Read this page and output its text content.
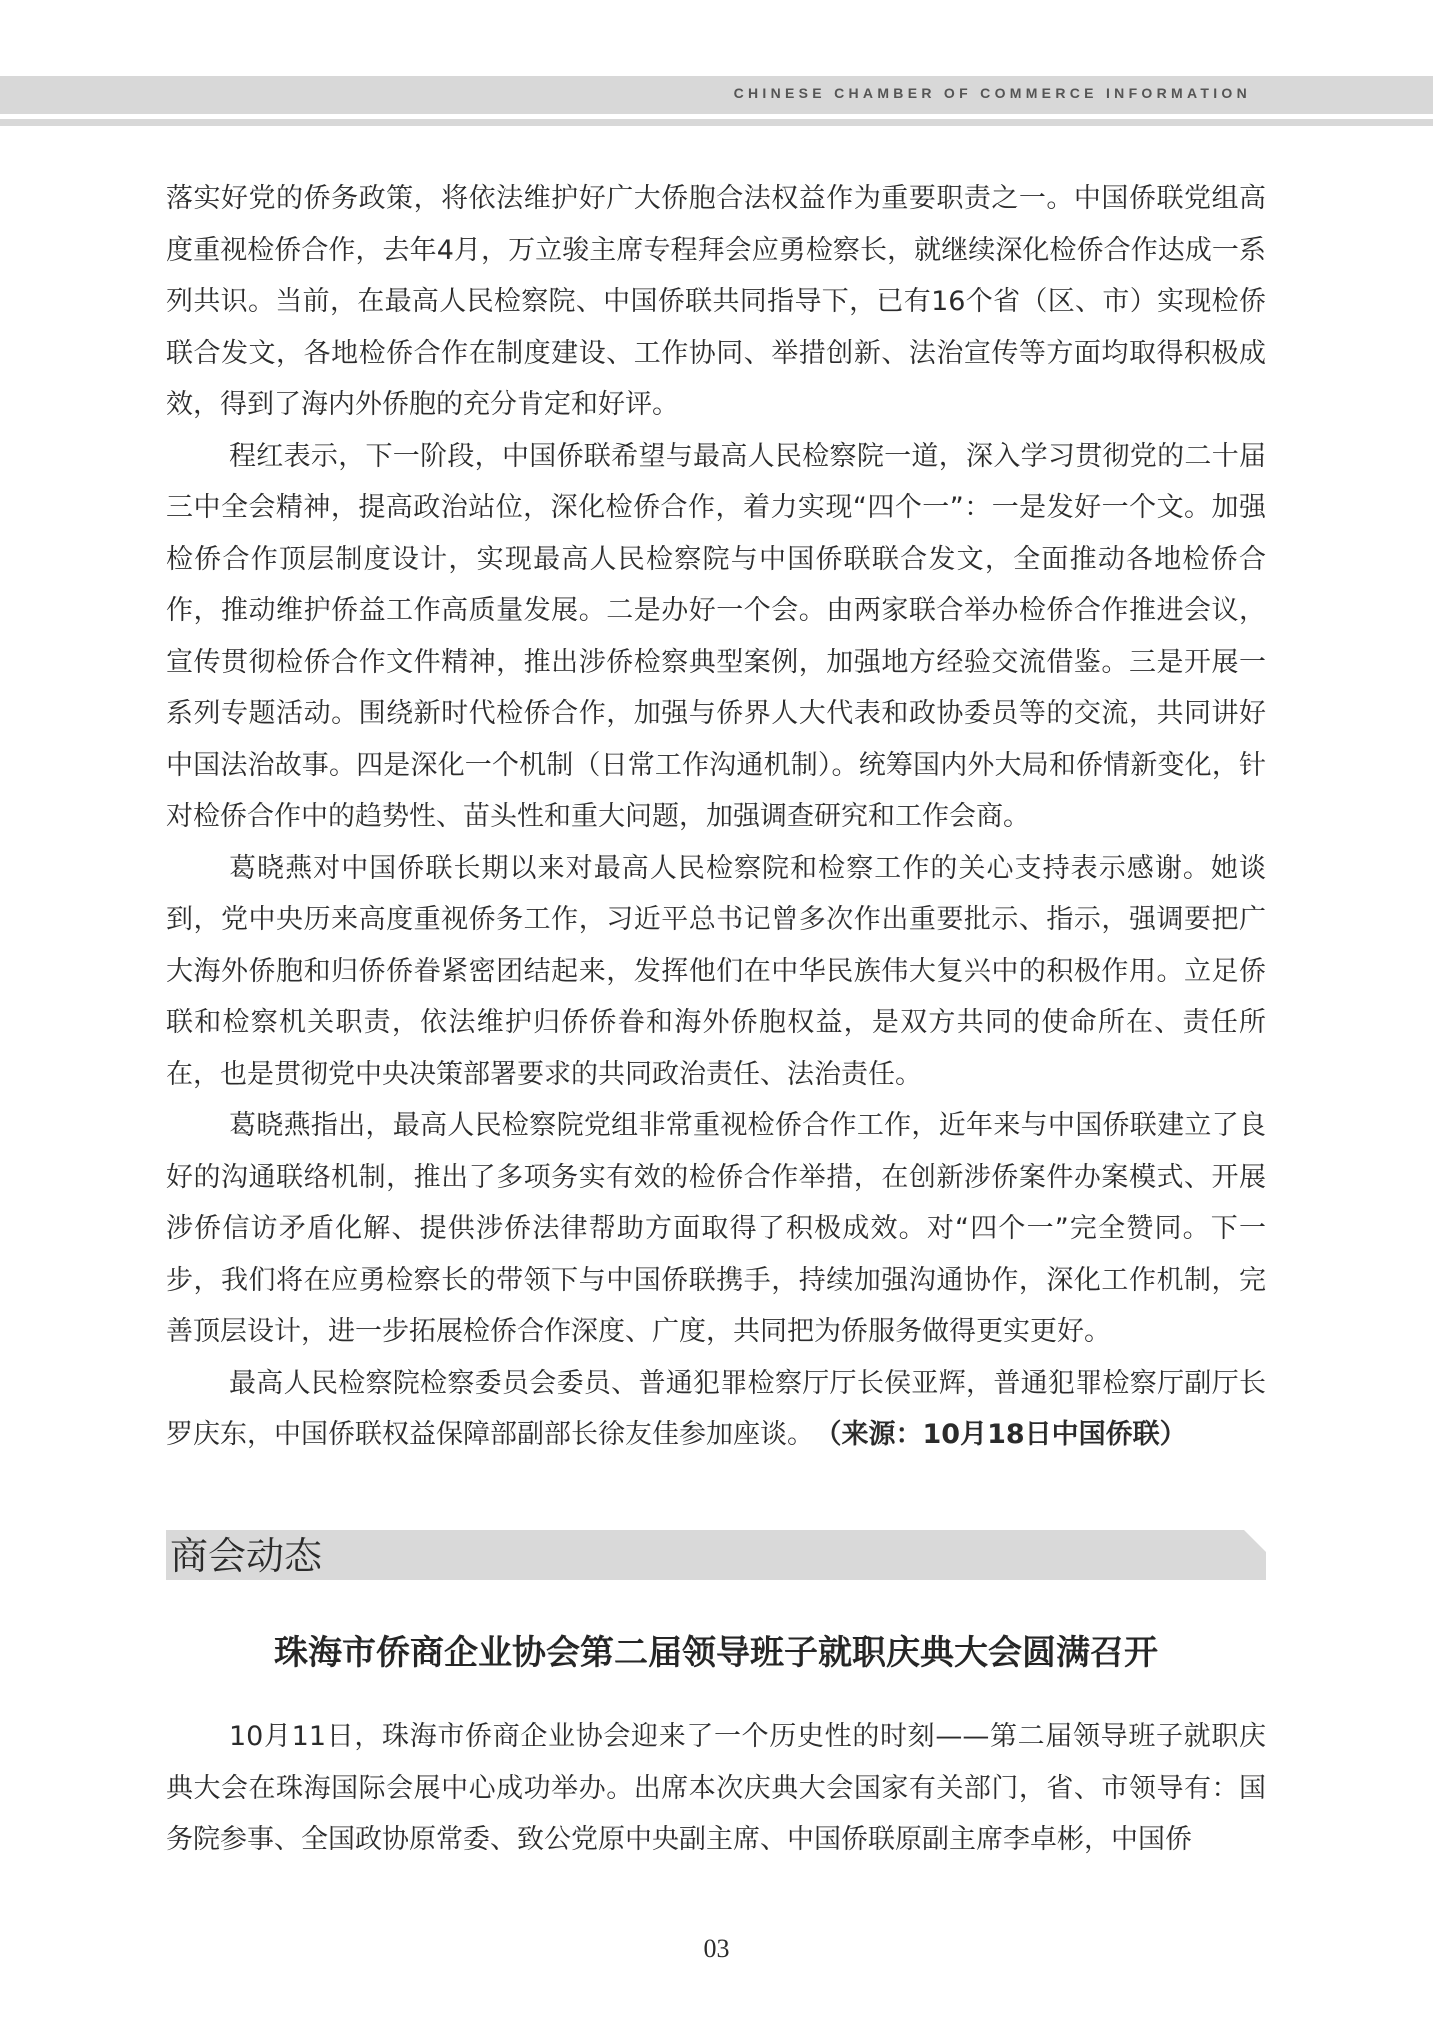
CHINESE CHAMBER OF COMMERCE INFORMATION

落实好党的侨务政策，将依法维护好广大侨胞合法权益作为重要职责之一。中国侨联党组高度重视检侨合作，去年4月，万立骏主席专程拜会应勇检察长，就继续深化检侨合作达成一系列共识。当前，在最高人民检察院、中国侨联共同指导下，已有16个省（区、市）实现检侨联合发文，各地检侨合作在制度建设、工作协同、举措创新、法治宣传等方面均取得积极成效，得到了海内外侨胞的充分肯定和好评。

程红表示，下一阶段，中国侨联希望与最高人民检察院一道，深入学习贯彻党的二十届三中全会精神，提高政治站位，深化检侨合作，着力实现“四个一”：一是发好一个文。加强检侨合作顶层制度设计，实现最高人民检察院与中国侨联联合发文，全面推动各地检侨合作，推动维护侨益工作高质量发展。二是办好一个会。由两家联合举办检侨合作推进会议，宣传贯彻检侨合作文件精神，推出涉侨检察典型案例，加强地方经验交流借鉴。三是开展一系列专题活动。围绕新时代检侨合作，加强与侨界人大代表和政协委员等的交流，共同讲好中国法治故事。四是深化一个机制（日常工作沟通机制）。统筹国内外大局和侨情新变化，针对检侨合作中的趋势性、苗头性和重大问题，加强调查研究和工作会商。

葛晓燕对中国侨联长期以来对最高人民检察院和检察工作的关心支持表示感谢。她谈到，党中央历来高度重视侨务工作，习近平总书记曾多次作出重要批示、指示，强调要把广大海外侨胞和归侨侨眷紧密团结起来，发挥他们在中华民族伟大复兴中的积极作用。立足侨联和检察机关职责，依法维护归侨侨眷和海外侨胞权益，是双方共同的使命所在、责任所在，也是贯彻党中央决策部署要求的共同政治责任、法治责任。

葛晓燕指出，最高人民检察院党组非常重视检侨合作工作，近年来与中国侨联建立了良好的沟通联络机制，推出了多项务实有效的检侨合作举措，在创新涉侨案件办案模式、开展涉侨信访矛盾化解、提供涉侨法律帮助方面取得了积极成效。对“四个一”完全赞同。下一步，我们将在应勇检察长的带领下与中国侨联携手，持续加强沟通协作，深化工作机制，完善顶层设计，进一步拓展检侨合作深度、广度，共同把为侨服务做得更实更好。

最高人民检察院检察委员会委员、普通犯罪检察厅厅长侯亚辉，普通犯罪检察厅副厅长罗庆东，中国侨联权益保障部副部长徐友佳参加座谈。 （来源：10月18日中国侨联）

商会动态
珠海市侨商企业协会第二届领导班子就职庆典大会圆满召开

10月11日，珠海市侨商企业协会迎来了一个历史性的时刻——第二届领导班子就职庆典大会在珠海国际会展中心成功举办。出席本次庆典大会国家有关部门，省、市领导有：国务院参事、全国政协原常委、致公党原中央副主席、中国侨联原副主席李卓彬，中国侨

03
